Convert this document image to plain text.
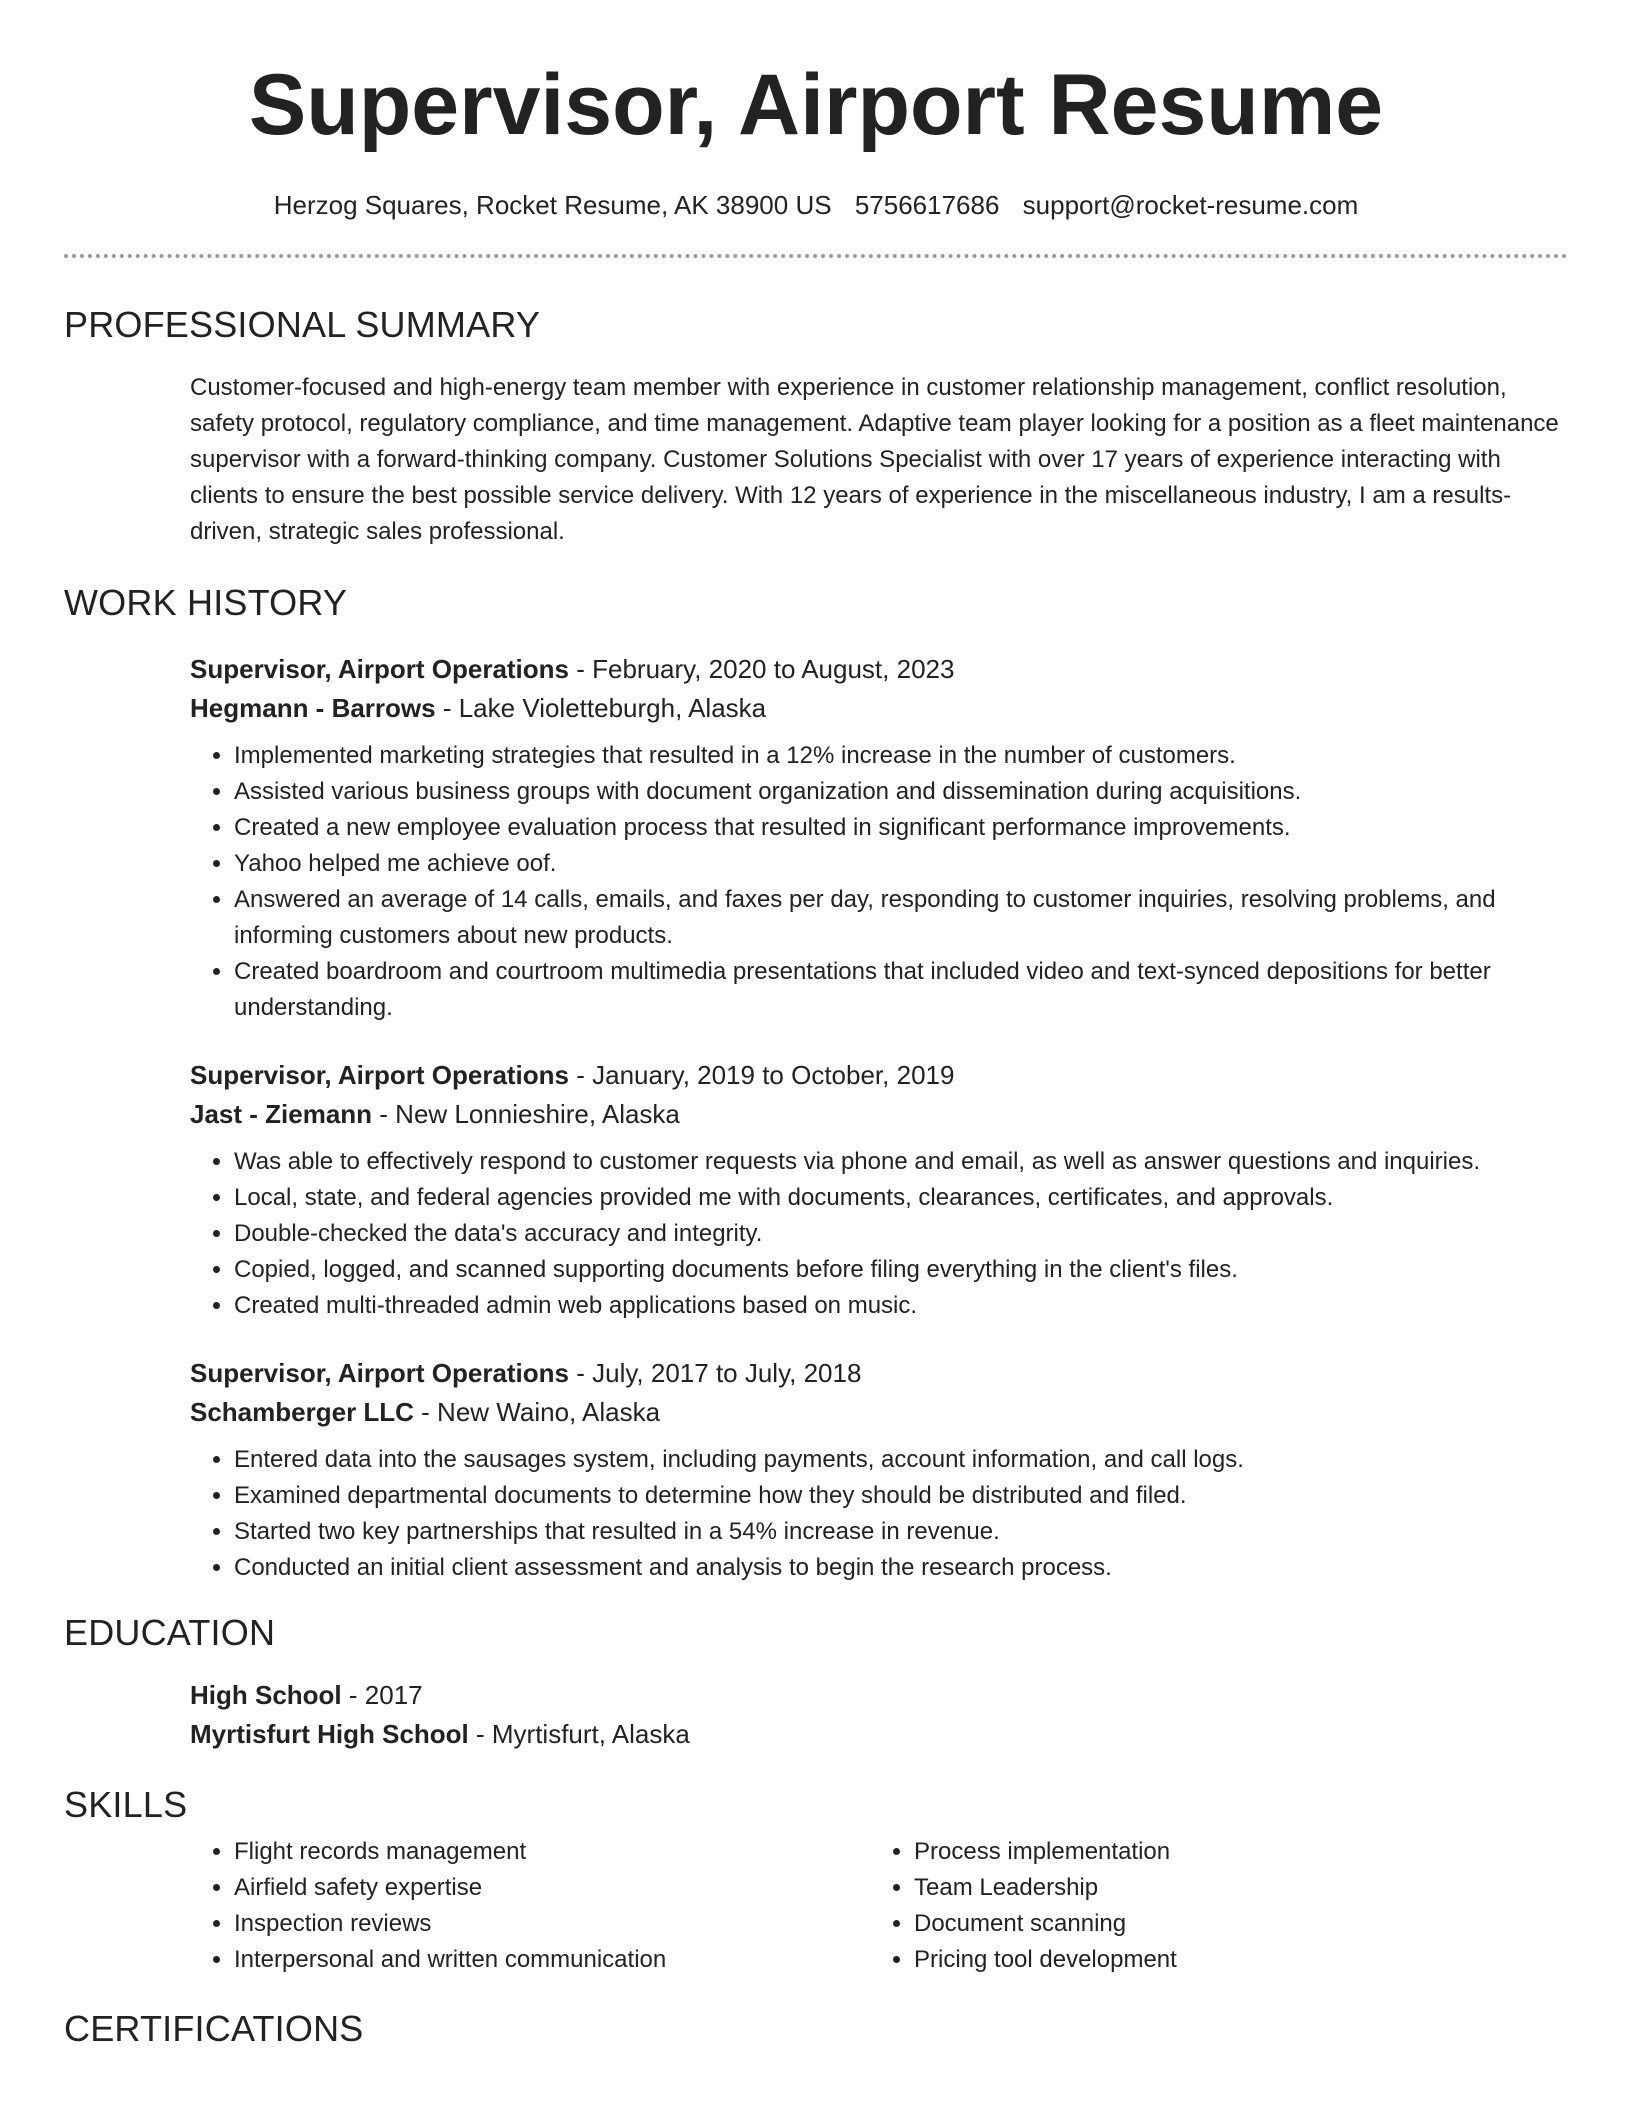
Supervisor, Airport Resume
Herzog Squares, Rocket Resume, AK 38900 US 5756617686 support@rocket-resume.com
PROFESSIONAL SUMMARY
Customer-focused and high-energy team member with experience in customer relationship management, conflict resolution, safety protocol, regulatory compliance, and time management. Adaptive team player looking for a position as a fleet maintenance supervisor with a forward-thinking company. Customer Solutions Specialist with over 17 years of experience interacting with clients to ensure the best possible service delivery. With 12 years of experience in the miscellaneous industry, I am a results-driven, strategic sales professional.
WORK HISTORY
Supervisor, Airport Operations - February, 2020 to August, 2023
Hegmann - Barrows - Lake Violetteburgh, Alaska
• Implemented marketing strategies that resulted in a 12% increase in the number of customers.
• Assisted various business groups with document organization and dissemination during acquisitions.
• Created a new employee evaluation process that resulted in significant performance improvements.
• Yahoo helped me achieve oof.
• Answered an average of 14 calls, emails, and faxes per day, responding to customer inquiries, resolving problems, and informing customers about new products.
• Created boardroom and courtroom multimedia presentations that included video and text-synced depositions for better understanding.
Supervisor, Airport Operations - January, 2019 to October, 2019
Jast - Ziemann - New Lonnieshire, Alaska
• Was able to effectively respond to customer requests via phone and email, as well as answer questions and inquiries.
• Local, state, and federal agencies provided me with documents, clearances, certificates, and approvals.
• Double-checked the data's accuracy and integrity.
• Copied, logged, and scanned supporting documents before filing everything in the client's files.
• Created multi-threaded admin web applications based on music.
Supervisor, Airport Operations - July, 2017 to July, 2018
Schamberger LLC - New Waino, Alaska
• Entered data into the sausages system, including payments, account information, and call logs.
• Examined departmental documents to determine how they should be distributed and filed.
• Started two key partnerships that resulted in a 54% increase in revenue.
• Conducted an initial client assessment and analysis to begin the research process.
EDUCATION
High School - 2017
Myrtisfurt High School - Myrtisfurt, Alaska
SKILLS
• Flight records management
• Airfield safety expertise
• Inspection reviews
• Interpersonal and written communication
• Process implementation
• Team Leadership
• Document scanning
• Pricing tool development
CERTIFICATIONS
